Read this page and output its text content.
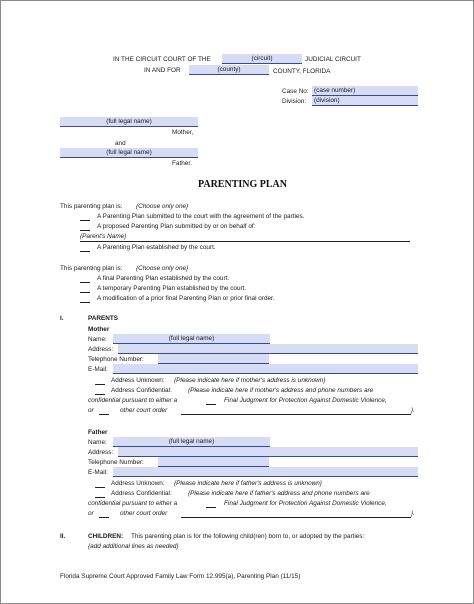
IN THE CIRCUIT COURT OF THE	(circuit)	JUDICIAL CIRCUIT
IN AND FOR	(county)	COUNTY, FLORIDA
Case No: (case number)
Division:	(division)
(full legal name)
Mother,
and
(full legal name)
Father.
PARENTING PLAN
This parenting plan is: {Choose only one}
A Parenting Plan submitted to the court with the agreement of the parties.
A proposed Parenting Plan submitted by or on behalf of:
{Parent's Name}
A Parenting Plan established by the court.
This parenting plan is: {Choose only one}
A final Parenting Plan established by the court.
A temporary Parenting Plan established by the court.
A modification of a prior final Parenting Plan or prior final order.
I.	PARENTS
Mother
Name:	(full legal name)
Address:
Telephone Number:
E-Mail:
Address Unknown: {Please indicate here if mother's address is unknown}
Address Confidential:	{Please indicate here if mother's address and phone numbers are
confidential pursuant to either a	Final Judgment for Protection Against Domestic Violence,
or	other court order	}.
Father
Name:	(full legal name)
Address:
Telephone Number:
E-Mail:
Address Unknown: {Please indicate here if father's address is unknown}
Address Confidential:	{Please indicate here if father's address and phone numbers are
confidential pursuant to either a	Final Judgment for Protection Against Domestic Violence,
or	other court order	}.
II.	CHILDREN: This parenting plan is for the following child(ren) born to, or adopted by the parties:
{add additional lines as needed}
Florida Supreme Court Approved Family Law Form 12.995(a), Parenting Plan (11/15)
